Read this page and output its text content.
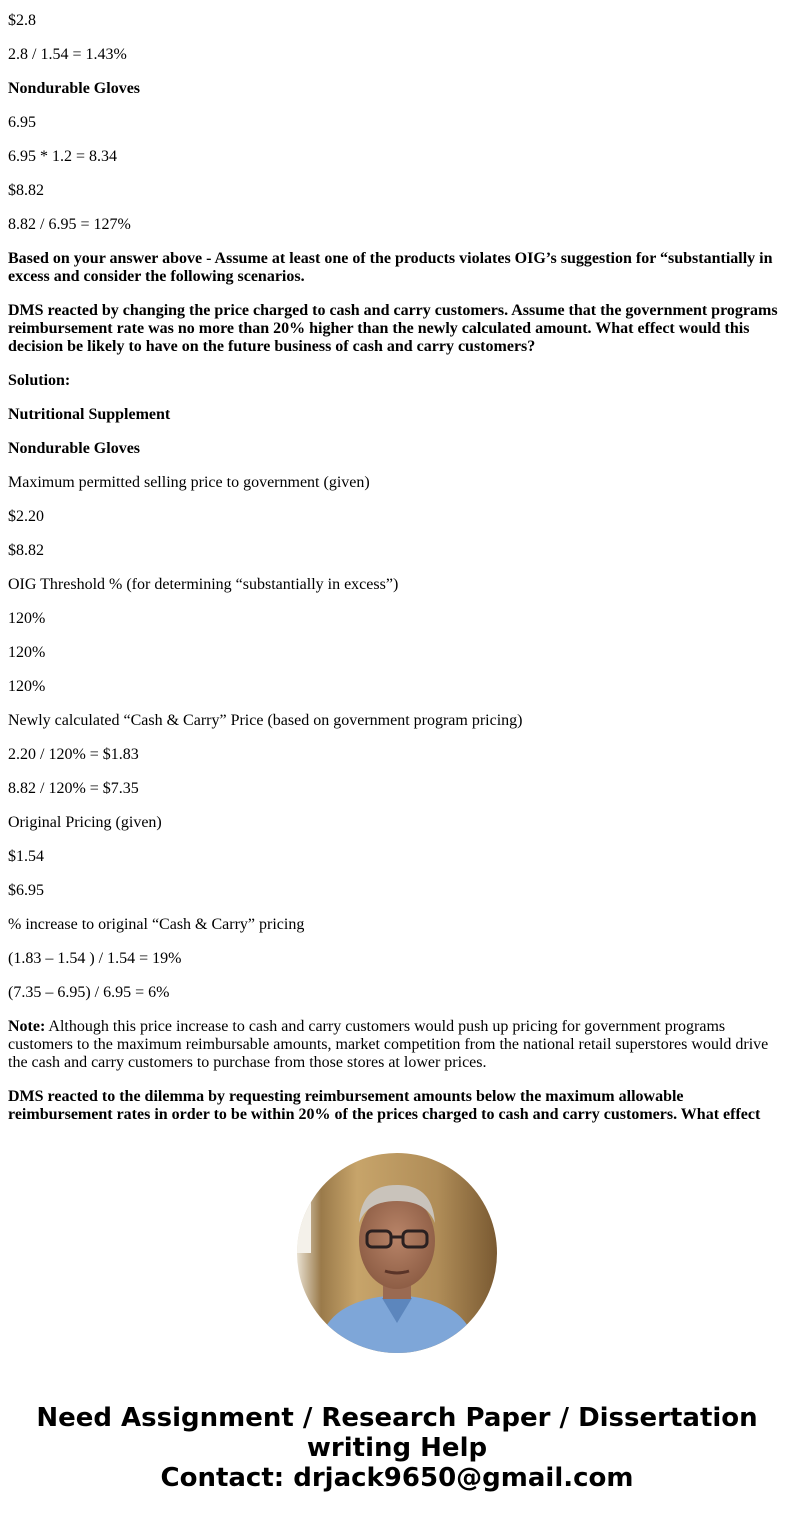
$2.8

2.8 / 1.54 = 1.43%

Nondurable Gloves

6.95

6.95 * 1.2 = 8.34

$8.82

8.82 / 6.95 = 127%

Based on your answer above - Assume at least one of the products violates OIG’s suggestion for “substantially in excess and consider the following scenarios.

DMS reacted by changing the price charged to cash and carry customers. Assume that the government programs reimbursement rate was no more than 20% higher than the newly calculated amount. What effect would this decision be likely to have on the future business of cash and carry customers?

Solution:

Nutritional Supplement

Nondurable Gloves

Maximum permitted selling price to government (given)

$2.20

$8.82

OIG Threshold % (for determining “substantially in excess”)

120%

120%

120%

Newly calculated “Cash & Carry” Price (based on government program pricing)

2.20 / 120% = $1.83

8.82 / 120% = $7.35

Original Pricing (given)

$1.54

$6.95

% increase to original “Cash & Carry” pricing

(1.83 – 1.54 ) / 1.54 = 19%

(7.35 – 6.95) / 6.95 = 6%

Note: Although this price increase to cash and carry customers would push up pricing for government programs customers to the maximum reimbursable amounts, market competition from the national retail superstores would drive the cash and carry customers to purchase from those stores at lower prices.

DMS reacted to the dilemma by requesting reimbursement amounts below the maximum allowable reimbursement rates in order to be within 20% of the prices charged to cash and carry customers. What effect

Need Assignment / Research Paper / Dissertation
writing Help
Contact: drjack9650@gmail.com
